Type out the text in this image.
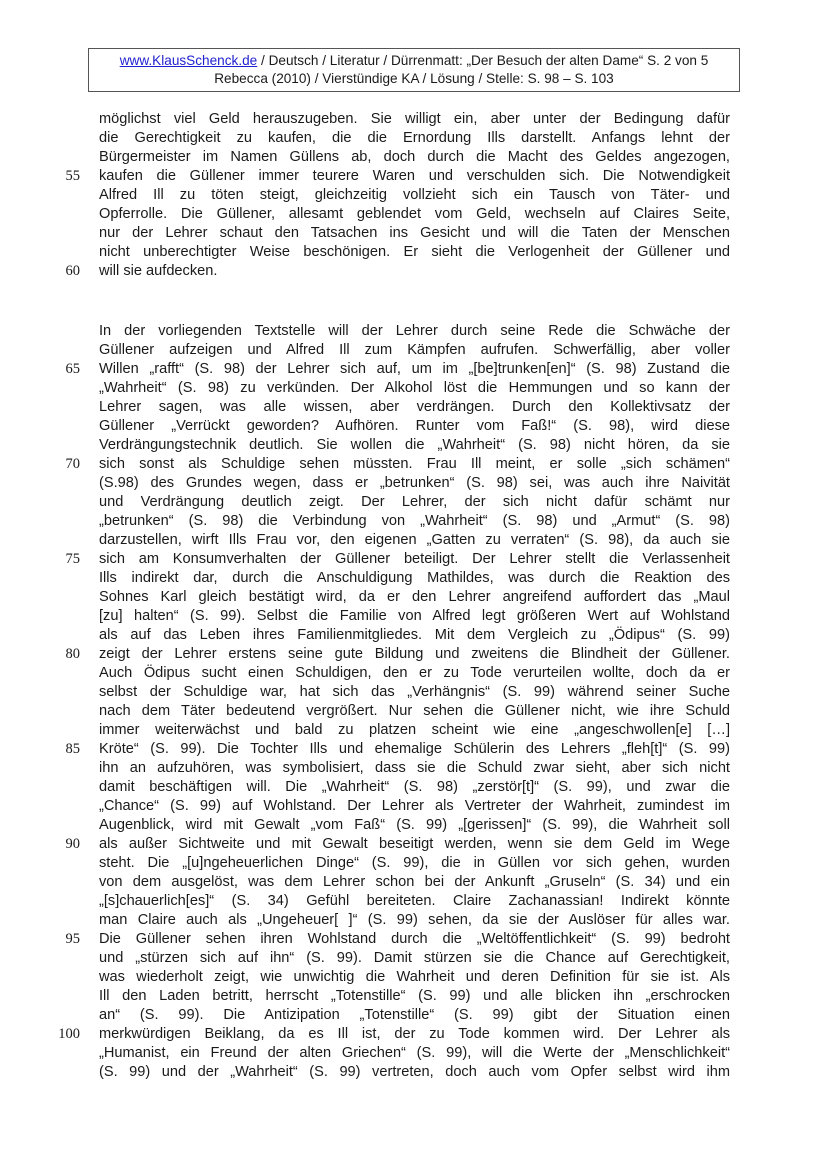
www.KlausSchenck.de / Deutsch / Literatur / Dürrenmatt: „Der Besuch der alten Dame“ S. 2 von 5
Rebecca (2010) / Vierstündige KA / Lösung / Stelle: S. 98 – S. 103
möglichst viel Geld herauszugeben. Sie willigt ein, aber unter der Bedingung dafür
die Gerechtigkeit zu kaufen, die die Ernordung Ills darstellt. Anfangs lehnt der
Bürgermeister im Namen Güllens ab, doch durch die Macht des Geldes angezogen,
kaufen die Güllener immer teurere Waren und verschulden sich. Die Notwendigkeit
Alfred Ill zu töten steigt, gleichzeitig vollzieht sich ein Tausch von Täter- und
Opferrolle. Die Güllener, allesamt geblendet vom Geld, wechseln auf Claires Seite,
nur der Lehrer schaut den Tatsachen ins Gesicht und will die Taten der Menschen
nicht unberechtigter Weise beschönigen. Er sieht die Verlogenheit der Güllener und
will sie aufdecken.
In der vorliegenden Textstelle will der Lehrer durch seine Rede die Schwäche der
Güllener aufzeigen und Alfred Ill zum Kämpfen aufrufen. Schwerfällig, aber voller
Willen „rafft“ (S. 98) der Lehrer sich auf, um im „[be]trunken[en]“ (S. 98) Zustand die
„Wahrheit“ (S. 98) zu verkünden. Der Alkohol löst die Hemmungen und so kann der
Lehrer sagen, was alle wissen, aber verdrängen. Durch den Kollektivsatz der
Güllener „Verrückt geworden? Aufhören. Runter vom Faß!“ (S. 98), wird diese
Verdrängungstechnik deutlich. Sie wollen die „Wahrheit“ (S. 98) nicht hören, da sie
sich sonst als Schuldige sehen müssten. Frau Ill meint, er solle „sich schämen“
(S.98) des Grundes wegen, dass er „betrunken“ (S. 98) sei, was auch ihre Naivität
und Verdrängung deutlich zeigt. Der Lehrer, der sich nicht dafür schämt nur
„betrunken“ (S. 98) die Verbindung von „Wahrheit“ (S. 98) und „Armut“ (S. 98)
darzustellen, wirft Ills Frau vor, den eigenen „Gatten zu verraten“ (S. 98), da auch sie
sich am Konsumverhalten der Güllener beteiligt. Der Lehrer stellt die Verlassenheit
Ills indirekt dar, durch die Anschuldigung Mathildes, was durch die Reaktion des
Sohnes Karl gleich bestätigt wird, da er den Lehrer angreifend auffordert das „Maul
[zu] halten“ (S. 99). Selbst die Familie von Alfred legt größeren Wert auf Wohlstand
als auf das Leben ihres Familienmitgliedes. Mit dem Vergleich zu „Ödipus“ (S. 99)
zeigt der Lehrer erstens seine gute Bildung und zweitens die Blindheit der Güllener.
Auch Ödipus sucht einen Schuldigen, den er zu Tode verurteilen wollte, doch da er
selbst der Schuldige war, hat sich das „Verhängnis“ (S. 99) während seiner Suche
nach dem Täter bedeutend vergrößert. Nur sehen die Güllener nicht, wie ihre Schuld
immer weiterwächst und bald zu platzen scheint wie eine „angeschwollen[e] […]
Kröte“ (S. 99). Die Tochter Ills und ehemalige Schülerin des Lehrers „fleh[t]“ (S. 99)
ihn an aufzuhören, was symbolisiert, dass sie die Schuld zwar sieht, aber sich nicht
damit beschäftigen will. Die „Wahrheit“ (S. 98) „zerstör[t]“ (S. 99), und zwar die
„Chance“ (S. 99) auf Wohlstand. Der Lehrer als Vertreter der Wahrheit, zumindest im
Augenblick, wird mit Gewalt „vom Faß“ (S. 99) „[gerissen]“ (S. 99), die Wahrheit soll
als außer Sichtweite und mit Gewalt beseitigt werden, wenn sie dem Geld im Wege
steht. Die „[u]ngeheuerlichen Dinge“ (S. 99), die in Güllen vor sich gehen, wurden
von dem ausgelöst, was dem Lehrer schon bei der Ankunft „Gruseln“ (S. 34) und ein
„[s]chauerlich[es]“ (S. 34) Gefühl bereiteten. Claire Zachanassian! Indirekt könnte
man Claire auch als „Ungeheuer[ ]“ (S. 99) sehen, da sie der Auslöser für alles war.
Die Güllener sehen ihren Wohlstand durch die „Weltöffentlichkeit“ (S. 99) bedroht
und „stürzen sich auf ihn“ (S. 99). Damit stürzen sie die Chance auf Gerechtigkeit,
was wiederholt zeigt, wie unwichtig die Wahrheit und deren Definition für sie ist. Als
Ill den Laden betritt, herrscht „Totenstille“ (S. 99) und alle blicken ihn „erschrocken
an“ (S. 99). Die Antizipation „Totenstille“ (S. 99) gibt der Situation einen
merkwürdigen Beiklang, da es Ill ist, der zu Tode kommen wird. Der Lehrer als
„Humanist, ein Freund der alten Griechen“ (S. 99), will die Werte der „Menschlichkeit“
(S. 99) und der „Wahrheit“ (S. 99) vertreten, doch auch vom Opfer selbst wird ihm
55
60
65
70
75
80
85
90
95
100
